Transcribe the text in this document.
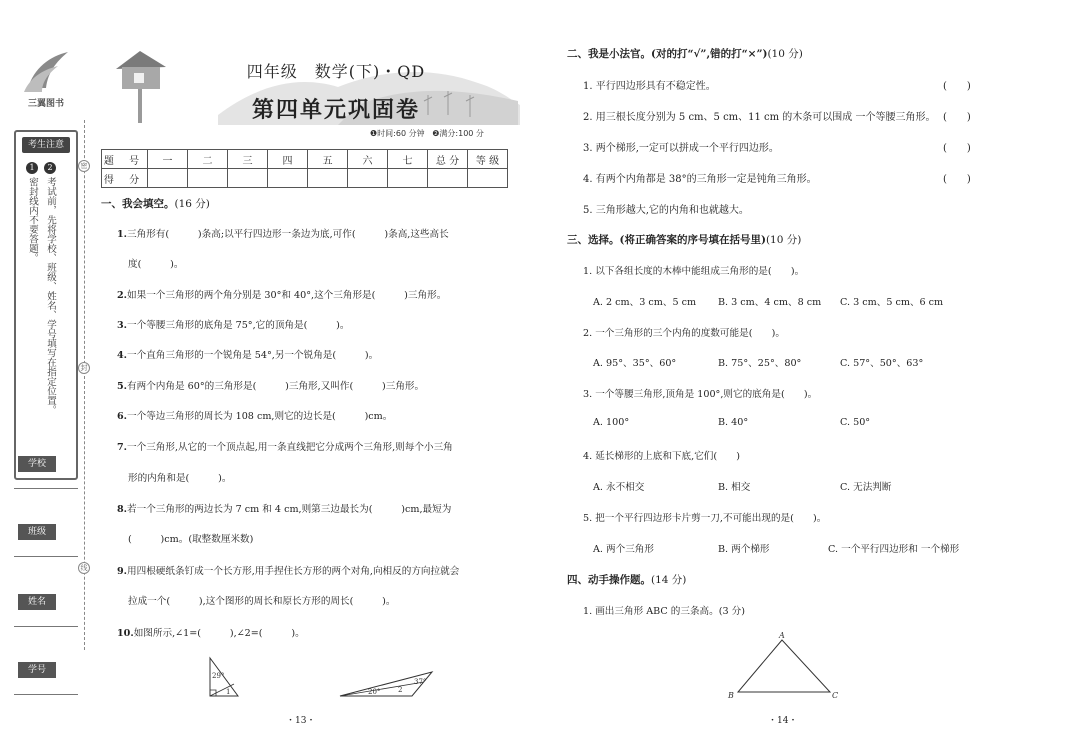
三翼图书
考生注意
1密封线内不要答题。
2考试前，先将学校、班级、姓名、学号填写在指定位置。
学校
班级
姓名
学号
密
封
线
四年级　数学(下)・QD
第四单元巩固卷
❶时间:60 分钟 ❷满分:100 分
题 号	一	二	三	四	五	六	七	总 分	等 级
得 分									
一、我会填空。(16 分)
1.三角形有(　　　)条高;以平行四边形一条边为底,可作(　　　)条高,这些高长
度(　　　)。
2.如果一个三角形的两个角分别是 30°和 40°,这个三角形是(　　　)三角形。
3.一个等腰三角形的底角是 75°,它的顶角是(　　　)。
4.一个直角三角形的一个锐角是 54°,另一个锐角是(　　　)。
5.有两个内角是 60°的三角形是(　　　)三角形,又叫作(　　　)三角形。
6.一个等边三角形的周长为 108 cm,则它的边长是(　　　)cm。
7.一个三角形,从它的一个顶点起,用一条直线把它分成两个三角形,则每个小三角
形的内角和是(　　　)。
8.若一个三角形的两边长为 7 cm 和 4 cm,则第三边最长为(　　　)cm,最短为
(　　　)cm。(取整数厘米数)
9.用四根硬纸条钉成一个长方形,用手捏住长方形的两个对角,向相反的方向拉就会
拉成一个(　　　),这个图形的周长和原长方形的周长(　　　)。
10.如图所示,∠1=(　　　),∠2=(　　　)。
29°
1	20°
37°
2
・13・
二、我是小法官。(对的打“√”,错的打“×”)(10 分)
1. 平行四边形具有不稳定性。	(　　)
2. 用三根长度分别为 5 cm、5 cm、11 cm 的木条可以围成 一个等腰三角形。 (　　)
3. 两个梯形,一定可以拼成一个平行四边形。	(　　)
4. 有两个内角都是 38°的三角形一定是钝角三角形。	(　　)
5. 三角形越大,它的内角和也就越大。
三、选择。(将正确答案的序号填在括号里)(10 分)
1. 以下各组长度的木棒中能组成三角形的是(　　)。
A. 2 cm、3 cm、5 cm B. 3 cm、4 cm、8 cm C. 3 cm、5 cm、6 cm
2. 一个三角形的三个内角的度数可能是(　　)。
A. 95°、35°、60°	B. 75°、25°、80°	C. 57°、50°、63°
3. 一个等腰三角形,顶角是 100°,则它的底角是(　　)。
A. 100°	B. 40°	C. 50°
4. 延长梯形的上底和下底,它们(　　)
A. 永不相交	B. 相交	C. 无法判断
5. 把一个平行四边形卡片剪一刀,不可能出现的是(　　)。
A. 两个三角形	B. 两个梯形	C. 一个平行四边形和 一个梯形
四、动手操作题。(14 分)
1. 画出三角形 ABC 的三条高。(3 分)
A
B	C
・14・
